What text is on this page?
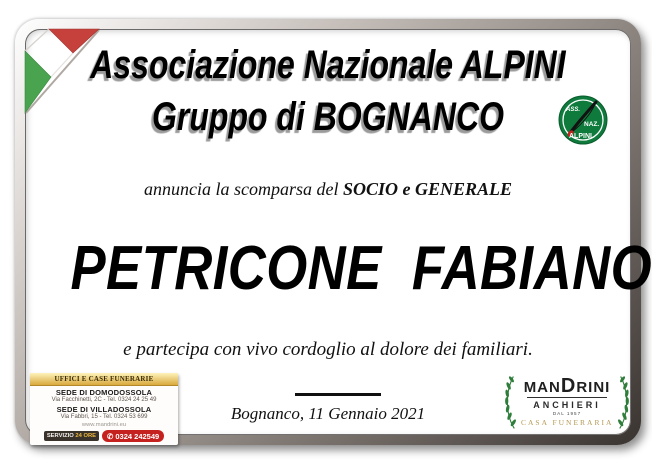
Associazione Nazionale ALPINI
Gruppo di BOGNANCO	ASS.
NAZ.
ALPINI
annuncia la scomparsa del SOCIO e GENERALE
PETRICONE  FABIANO
e partecipa con vivo cordoglio al dolore dei familiari.
Bognanco, 11 Gennaio 2021
UFFICI E CASE FUNERARIE
SEDE DI DOMODOSSOLA
Via Facchinetti, 2C - Tel. 0324 24 25 49
SEDE DI VILLADOSSOLA
Via Fabbri, 15 - Tel. 0324 53 699
www.mandrini.eu
SERVIZIO 24 ORE	✆ 0324 242549
MANDRINI
ANCHIERI
DAL 1957
CASA FUNERARIA
